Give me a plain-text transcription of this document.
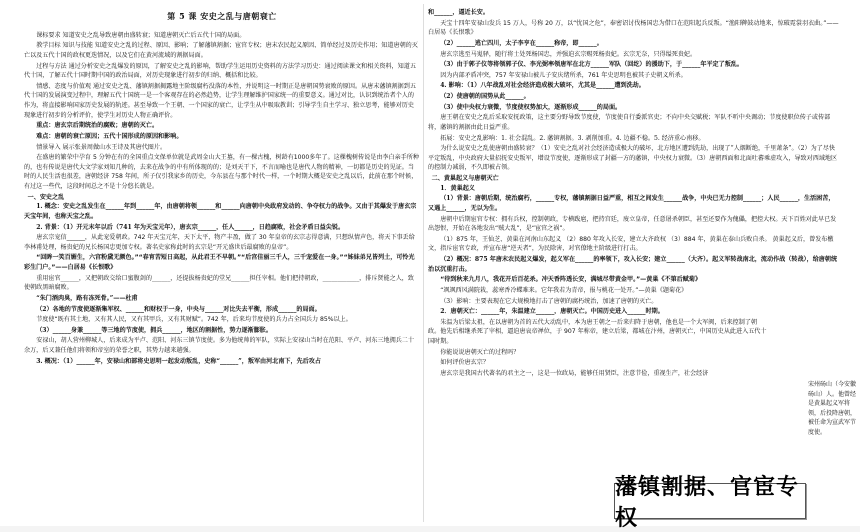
第 5 课 安史之乱与唐朝衰亡

课标要求 知道安史之乱导致唐朝由盛转衰；知道唐朝灭亡后五代十国的局面。

教学目标 知识与技能 知道安史之乱的过程、原因、影响；了解藩镇割据；宦官专权；唐末农民起义原因、简单经过及历史作用；知道唐朝的灭亡以及五代十国的政权更迭情况，以及它们在黄河流域的割据局面。

过程与方法 通过分析安史之乱爆发的原因，了解安史之乱的影响，帮助学生运用历史资料的方法学习历史：通过阅读课文和相关资料，知道五代十国，了解五代十国时期中国的政治局面，对历史现象进行初步的归纳、概括和比较。

情感、态度与价值观 通过安史之乱、藩镇割据揭露地主阶级腐朽没落的本性，并说明这一时期正是唐朝国势衰败的原因。从唐末藩镇割据到五代十国的发展演变过程中，理解五代十国统一是一个客观存在的必然趋势，让学生理解维护国家统一的重要意义。通过对比，认识到统治者个人的作为，将直接影响国家历史发展的轨迹。甚至导致一个王朝、一个国家的衰亡，让学生从中吸取教训；引导学生自主学习、独立思考，能够对历史现象进行初步的分析评价，使学生对历史人物正确评价。

重点：唐玄宗后期统治的腐败；唐朝的灭亡。

难点：唐朝的衰亡原因；五代十国形成的原因和影响。

情景导入 展示张景周做山水王诗及其唐代图片。

在盛唐的繁荣中孕育 5 分钟在有的全国重点文保单位就是武周金山大王墓，有一棵古槐，树龄有1000多年了。这棵槐树传说是由李白亲手所种的，也有传说是唐代大文学家刘知几种的，去来在战争的中有所体现的的；是刘天干下，不言而喻也是唐代人物的精神，一切都是历史的见证。当时的人民生活也很差，唐朝经济 758 年间，所子仅引我家乡的历史，今东县在与那个时代一样，一个时期大概是安史之乱以后，此前在那个时候，有过这一些代，这段时间总之不是十分悠长就是。

一、安史之乱

1. 概念：安史之乱发生在______年到______年，由唐朝将领______和______向唐朝中央政府发动的、争夺权力的战争。又由于其爆发于唐玄宗天宝年间，也称天宝之乱。

2. 背景：（1）开元末年以后（741 年为天宝元年），唐玄宗______，任人______，日趋腐败，社会矛盾日益尖锐。

唐玄宗宠信______，从此宠爱朝政。742 年天宝元年，天下太平，物产丰盈，做了 30 年皇帝的玄宗志得意满，只想纵情声色，将天下事丢给李林甫处理，杨贵妃的兄长杨国忠更加专权。著名史家称此时的玄宗是“开元盛世后最腐败的皇帝”。

“回眸一笑百媚生，六宫粉黛无颜色。”“春宵苦短日高起，从此君王不早朝。”“后宫佳丽三千人，三千宠爱在一身。”“姊妹弟兄皆列土，可怜光彩生门户。”——白居易《长恨歌》

重用宦官______，又把朝政交给口蜜腹剑的______，还提拔杨贵妃的堂兄______担任宰相。他们把持朝政，____________，排斥贤能之人，致使朝政黑暗腐败。

“朱门酒肉臭，路有冻死骨。”——杜甫

（2）各地的节度使逐渐集军权、______和财权于一身，中央与______对比失去平衡，形成______的局面。

节度使“既有其土地，又有其人民，又有其甲兵，又有其财赋”。742 年，后来均节度使的兵力占全国兵力 85%以上。

（3）______身兼______等三地的节度使，拥兵______，地区的割据性，势力逐渐膨胀。

安禄山，胡人营州柳城人，后来成为平卢、范阳、河东三镇节度使。多为他统帅的军队，实际上安禄山当时在范阳、平卢、河东三地拥兵二十余万，后又兼任他们将领和帝室的荣誉之职，其势力越来越强。

3. 概况：（1）______年，安禄山和部将史思明一起发动叛乱，史称“______”，叛军由河北南下，先后攻占

和______，逼近长安。

天宝十四年安禄山发兵 15 万人，号称 20 万，以“忧国之危”，奉密诏讨伐杨国忠为借口在范阳起兵反叛。“渔阳鞞鼓动地来，惊破霓裳羽衣曲。”——白居易《长恨歌》

（2）______逃亡四川，太子李亨在______称帝，即______。

唐玄宗逃至马嵬驿，随行将士处死杨国忠，并强迫玄宗赐死杨贵妃。玄宗无奈，只得缢死贵妃。

（3）由于郭子仪等将领郭子仪、李光弼率领唐军在北方______军队（回纥）的援助下，于______年平定了叛乱。

因为内部矛盾冲突，757 年安禄山被儿子安庆绪所杀，761 年史思明也被其子史朝义所杀。

4. 影响：（1）八年战乱对社会经济造成极大破坏，尤其是______遭到洗劫。

（2）使唐朝的国势从此______。

（3）使中央权力衰微，节度使权势加大，逐渐形成______的局面。

唐王朝在安史之乱后采取安抚政策，这主要分野导致节度使，节度使自行委派官吏；不向中央交赋税；军队不听中央调动；节度使职位传子或传部将，藩镇的割据由此日益严重。

拓展：安史之乱影响：1. 社会混乱。2. 藩镇割据。3. 剥削加重。4. 边疆不稳。5. 经济重心南移。

为什么说安史之乱使唐朝由盛转衰？（1）安史之乱对社会经济造成极大的破坏，北方地区遭到洗劫，出现了“人烟断绝，千里萧条”。（2）为了尽快平定叛乱，中央政府大量招抚安史叛军，增设节度使，逐渐形成了封疆一方的藩镇，中央权力衰微。（3）唐朝西面和北面吐蕃乘虚攻入，导致对西域地区的控制力减弱，不久即被占领。

二、黄巢起义与唐朝灭亡

1．黄巢起义

（1）背景：唐朝后期，统治腐朽，______专权，藩镇割据日益严重，相互之间发生______战争，中央已无力控制______；人民______，生活困苦，又遇上______，无以为生。

唐朝中后期宦官专权：拥有兵权，控制朝政，专横跋扈，把持宫廷，废立皇帝，任意屠杀朝臣，甚至还要作为傀儡，把控大权。天下百姓对此早已发出怨恨，开始在各地发出“贼大乱”，是“宦官之祸”。

（1）875 年，王仙芝、黄巢在河南山东起义 （2）880 年攻入长安，建立大齐政权 （3）884 年，黄巢在泰山兵败自杀。 黄巢起义后，曾发布檄文，指斥宦官专政，并宣布唐“逆天者”，为民除害，对官僚地主阶级进行打击。

（2）概况：875 年唐末农民起义爆发，起义军在______的率领下，攻入长安；建立______（大齐）。起义军转战南北，流动作战（转战），给唐朝统治以沉重打击。

“待到秋来九月八，我花开后百花杀。冲天香阵透长安，满城尽带黄金甲。”—黄巢《不第后赋菊》

“飒飒西风满院栽，蕊寒香冷蝶难来。它年我若为青帝，报与桃花一处开。”—黄巢《题菊花》

（3）影响：主要表现在它大规模地打击了唐朝的腐朽统治，加速了唐朝的灭亡。

2．唐朝灭亡：______年，朱温建立______，唐朝灭亡。中国历史进入______时期。

朱温为后梁太祖，在以唐朝为首的五代大动乱中，本为唐王朝之一后来归降于唐朝，他也是一个大军阀，后来控制了朝政。他先后相继杀死了宰相，逼迫唐哀帝禅位，于 907 年称帝，建立后梁，都城在汴州，唐朝灭亡，中国历史从此进入五代十国时期。

你能说说唐朝灭亡的过程吗？

如何评价唐玄宗？

唐玄宗是我国古代著名的君主之一，这是一位政局，能够任用贤臣，注意节俭，重视生产，社会经济

宋州砀山（今安徽砀山）人。他曾经是黄巢起义军将领，后投降唐朝，被任命为宣武军节度使。
藩镇割据、官宦专权
